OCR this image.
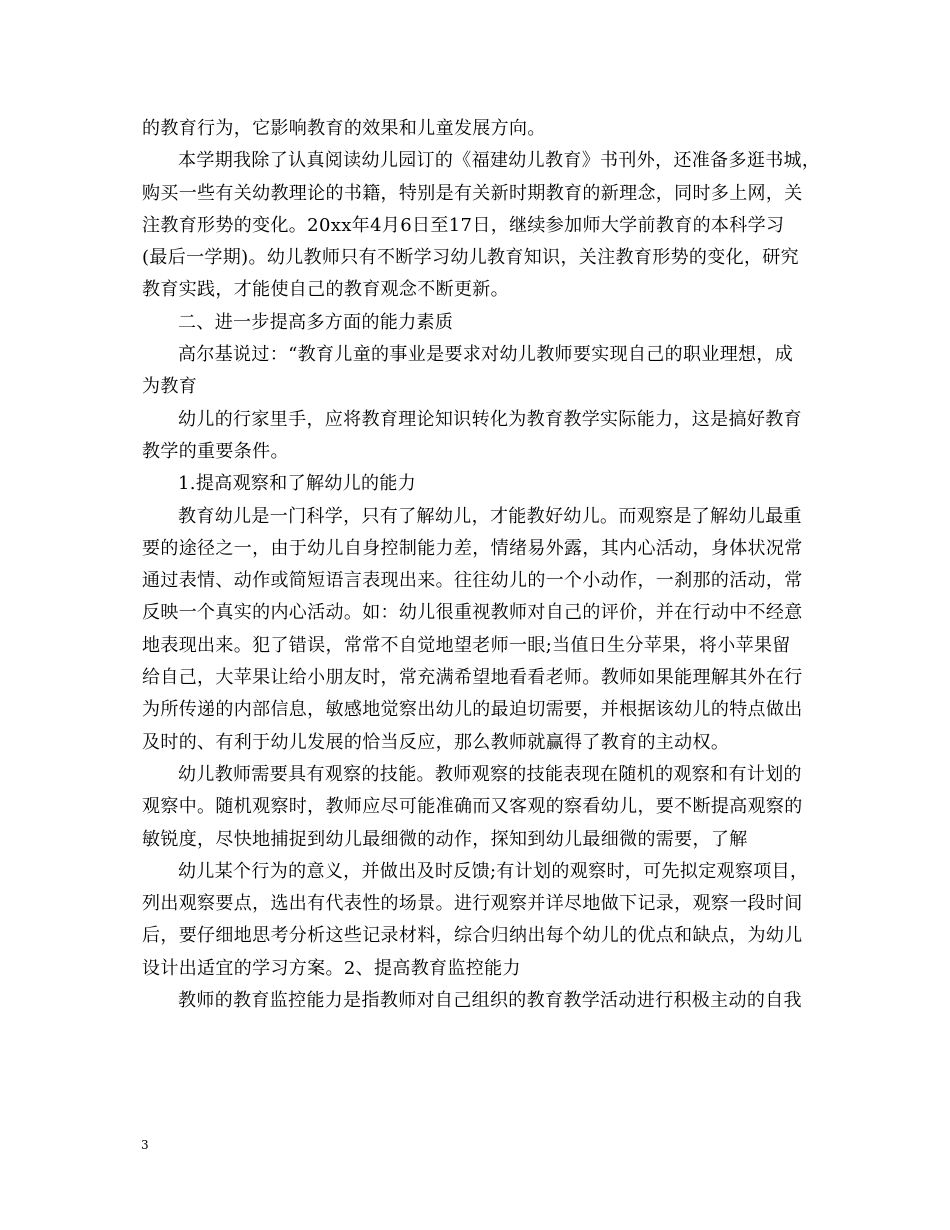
的教育行为，它影响教育的效果和儿童发展方向。
本学期我除了认真阅读幼儿园订的《福建幼儿教育》书刊外，还准备多逛书城，
购买一些有关幼教理论的书籍，特别是有关新时期教育的新理念，同时多上网，关
注教育形势的变化。20xx年4月6日至17日，继续参加师大学前教育的本科学习
(最后一学期)。幼儿教师只有不断学习幼儿教育知识，关注教育形势的变化，研究
教育实践，才能使自己的教育观念不断更新。
二、进一步提高多方面的能力素质
高尔基说过：“教育儿童的事业是要求对幼儿教师要实现自己的职业理想，成
为教育
幼儿的行家里手，应将教育理论知识转化为教育教学实际能力，这是搞好教育
教学的重要条件。
1.提高观察和了解幼儿的能力
教育幼儿是一门科学，只有了解幼儿，才能教好幼儿。而观察是了解幼儿最重
要的途径之一，由于幼儿自身控制能力差，情绪易外露，其内心活动，身体状况常
通过表情、动作或简短语言表现出来。往往幼儿的一个小动作，一刹那的活动，常
反映一个真实的内心活动。如：幼儿很重视教师对自己的评价，并在行动中不经意
地表现出来。犯了错误，常常不自觉地望老师一眼;当值日生分苹果，将小苹果留
给自己，大苹果让给小朋友时，常充满希望地看看老师。教师如果能理解其外在行
为所传递的内部信息，敏感地觉察出幼儿的最迫切需要，并根据该幼儿的特点做出
及时的、有利于幼儿发展的恰当反应，那么教师就赢得了教育的主动权。
幼儿教师需要具有观察的技能。教师观察的技能表现在随机的观察和有计划的
观察中。随机观察时，教师应尽可能准确而又客观的察看幼儿，要不断提高观察的
敏锐度，尽快地捕捉到幼儿最细微的动作，探知到幼儿最细微的需要，了解
幼儿某个行为的意义，并做出及时反馈;有计划的观察时，可先拟定观察项目，
列出观察要点，选出有代表性的场景。进行观察并详尽地做下记录，观察一段时间
后，要仔细地思考分析这些记录材料，综合归纳出每个幼儿的优点和缺点，为幼儿
设计出适宜的学习方案。2、提高教育监控能力
教师的教育监控能力是指教师对自己组织的教育教学活动进行积极主动的自我
3
